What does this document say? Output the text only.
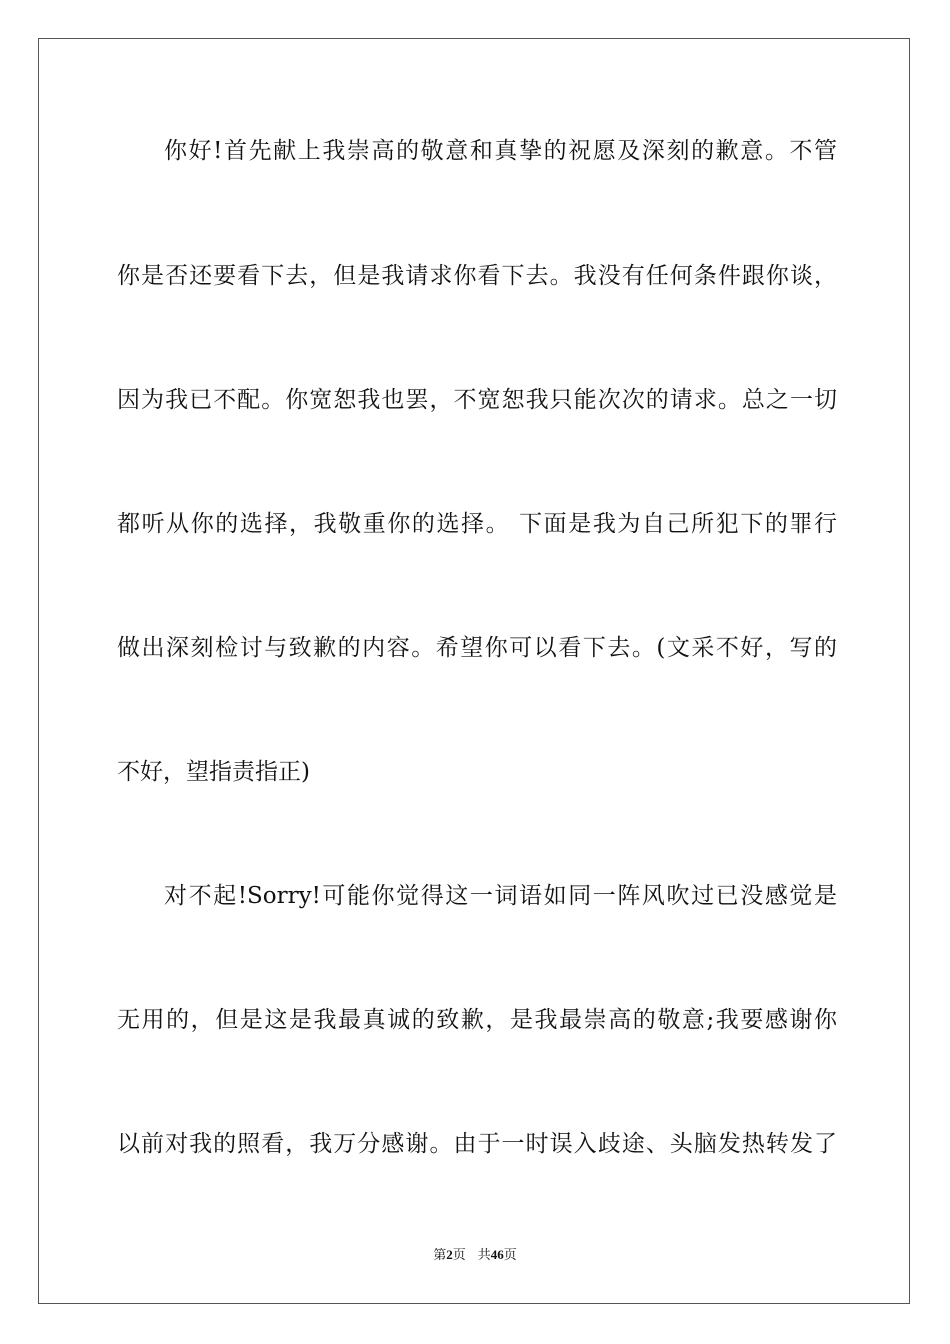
你好!首先献上我崇高的敬意和真挚的祝愿及深刻的歉意。不管
你是否还要看下去，但是我请求你看下去。我没有任何条件跟你谈，
因为我已不配。你宽恕我也罢，不宽恕我只能次次的请求。总之一切
都听从你的选择，我敬重你的选择。 下面是我为自己所犯下的罪行
做出深刻检讨与致歉的内容。希望你可以看下去。(文采不好，写的
不好，望指责指正)
对不起!Sorry!可能你觉得这一词语如同一阵风吹过已没感觉是
无用的，但是这是我最真诚的致歉，是我最崇高的敬意;我要感谢你
以前对我的照看，我万分感谢。由于一时误入歧途、头脑发热转发了
第2页 共46页
